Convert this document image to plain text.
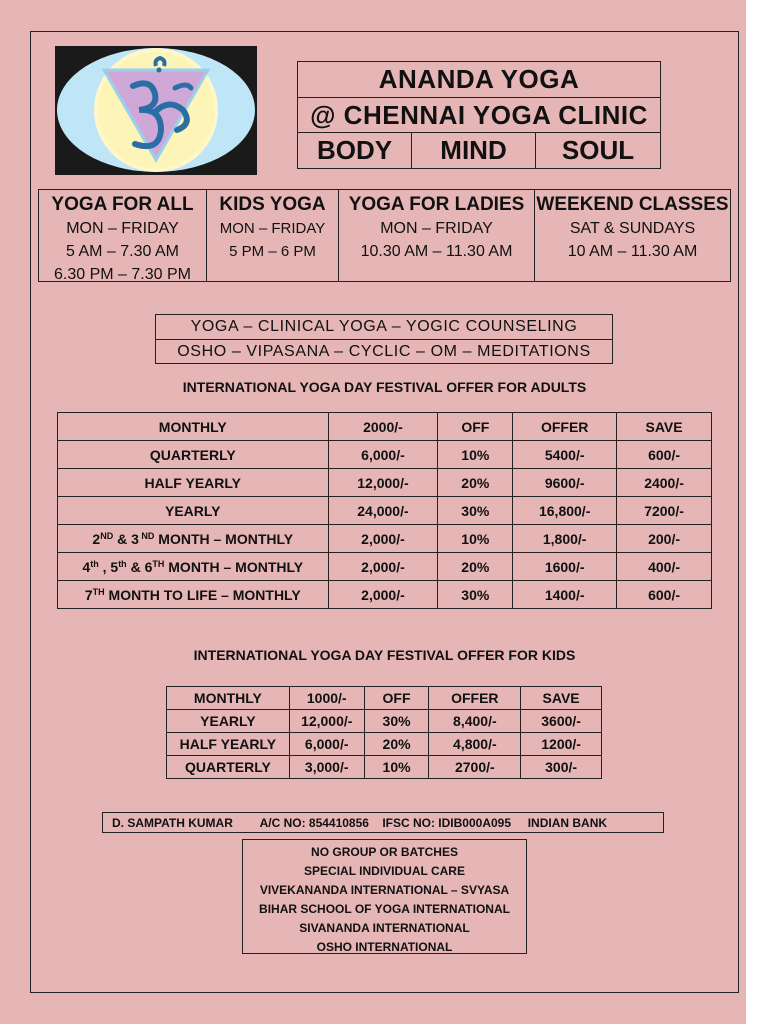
ANANDA YOGA
@ CHENNAI YOGA CLINIC
BODY	MIND	SOUL
YOGA FOR ALL
MON – FRIDAY
5 AM – 7.30 AM
6.30 PM – 7.30 PM
KIDS YOGA
MON – FRIDAY
5 PM – 6 PM
YOGA FOR LADIES
MON – FRIDAY
10.30 AM – 11.30 AM
WEEKEND CLASSES
SAT & SUNDAYS
10 AM – 11.30 AM
YOGA – CLINICAL YOGA – YOGIC COUNSELING
OSHO – VIPASANA – CYCLIC – OM – MEDITATIONS
INTERNATIONAL YOGA DAY FESTIVAL OFFER FOR ADULTS
MONTHLY	2000/-	OFF	OFFER	SAVE
QUARTERLY	6,000/-	10%	5400/-	600/-
HALF YEARLY	12,000/-	20%	9600/-	2400/-
YEARLY	24,000/-	30%	16,800/-	7200/-
2ND & 3 $^{ND}$ MONTH – MONTHLY	2,000/-	10%	1,800/-	200/-
4th , 5th & 6TH MONTH – MONTHLY	2,000/-	20%	1600/-	400/-
7TH MONTH TO LIFE – MONTHLY	2,000/-	30%	1400/-	600/-
INTERNATIONAL YOGA DAY FESTIVAL OFFER FOR KIDS
MONTHLY	1000/-	OFF	OFFER	SAVE
YEARLY	12,000/-	30%	8,400/-	3600/-
HALF YEARLY	6,000/-	20%	4,800/-	1200/-
QUARTERLY	3,000/-	10%	2700/-	300/-
D. SAMPATH KUMAR
A/C NO: 854410856
IFSC NO: IDIB000A095
INDIAN BANK
NO GROUP OR BATCHES
SPECIAL INDIVIDUAL CARE
VIVEKANANDA INTERNATIONAL – SVYASA
BIHAR SCHOOL OF YOGA INTERNATIONAL
SIVANANDA INTERNATIONAL
OSHO INTERNATIONAL
